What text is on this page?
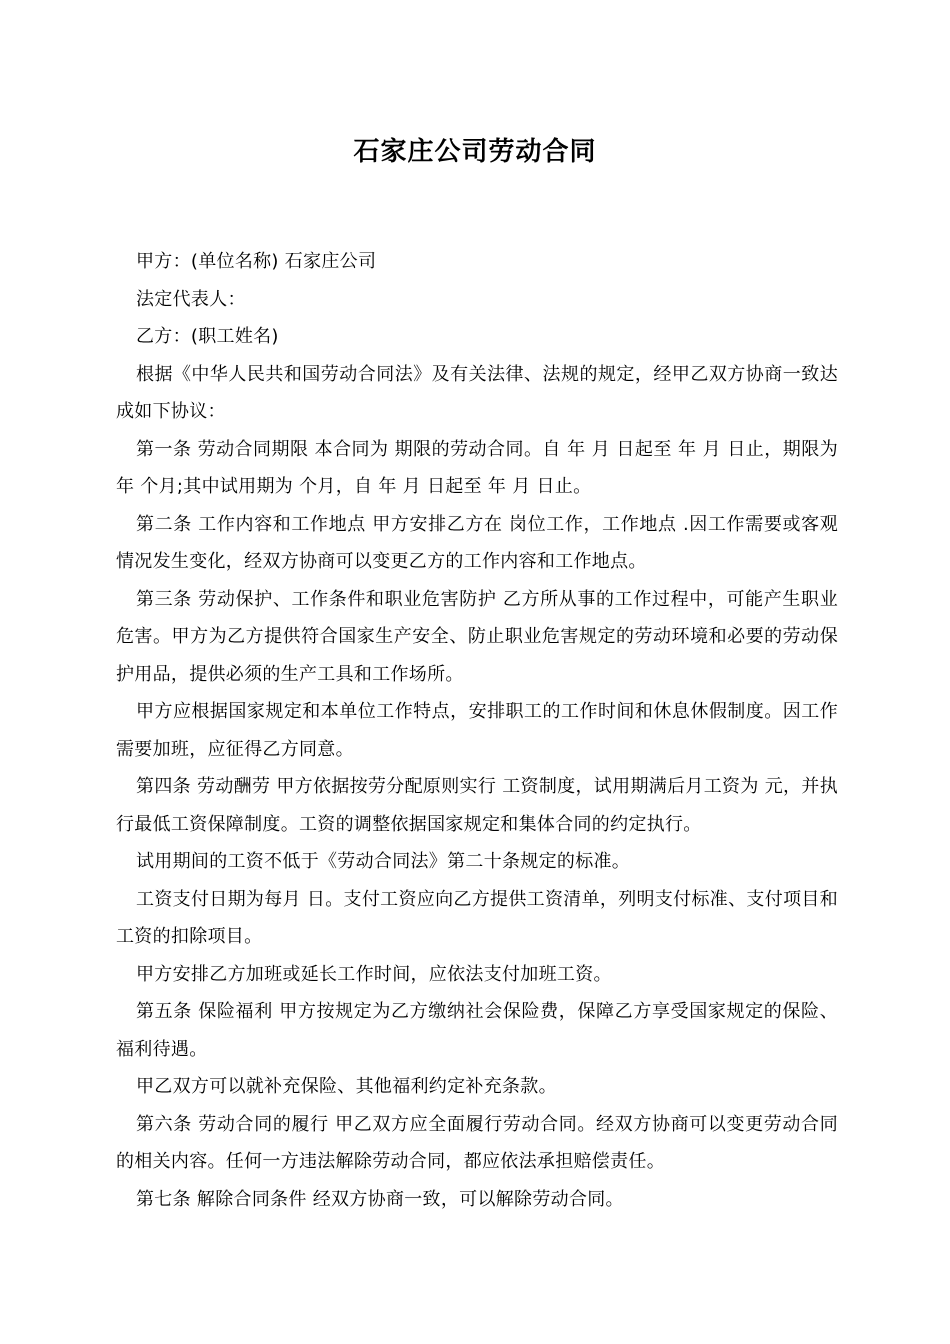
石家庄公司劳动合同

甲方：(单位名称) 石家庄公司

法定代表人：

乙方：(职工姓名)

根据《中华人民共和国劳动合同法》及有关法律、法规的规定，经甲乙双方协商一致达成如下协议：

第一条 劳动合同期限 本合同为 期限的劳动合同。自 年 月 日起至 年 月 日止，期限为 年 个月;其中试用期为 个月，自 年 月 日起至 年 月 日止。

第二条 工作内容和工作地点 甲方安排乙方在 岗位工作，工作地点 .因工作需要或客观情况发生变化，经双方协商可以变更乙方的工作内容和工作地点。

第三条 劳动保护、工作条件和职业危害防护 乙方所从事的工作过程中，可能产生职业危害。甲方为乙方提供符合国家生产安全、防止职业危害规定的劳动环境和必要的劳动保护用品，提供必须的生产工具和工作场所。

甲方应根据国家规定和本单位工作特点，安排职工的工作时间和休息休假制度。因工作需要加班，应征得乙方同意。

第四条 劳动酬劳 甲方依据按劳分配原则实行 工资制度，试用期满后月工资为 元，并执行最低工资保障制度。工资的调整依据国家规定和集体合同的约定执行。

试用期间的工资不低于《劳动合同法》第二十条规定的标准。

工资支付日期为每月 日。支付工资应向乙方提供工资清单，列明支付标准、支付项目和工资的扣除项目。

甲方安排乙方加班或延长工作时间，应依法支付加班工资。

第五条 保险福利 甲方按规定为乙方缴纳社会保险费，保障乙方享受国家规定的保险、福利待遇。

甲乙双方可以就补充保险、其他福利约定补充条款。

第六条 劳动合同的履行 甲乙双方应全面履行劳动合同。经双方协商可以变更劳动合同的相关内容。任何一方违法解除劳动合同，都应依法承担赔偿责任。

第七条 解除合同条件 经双方协商一致，可以解除劳动合同。
